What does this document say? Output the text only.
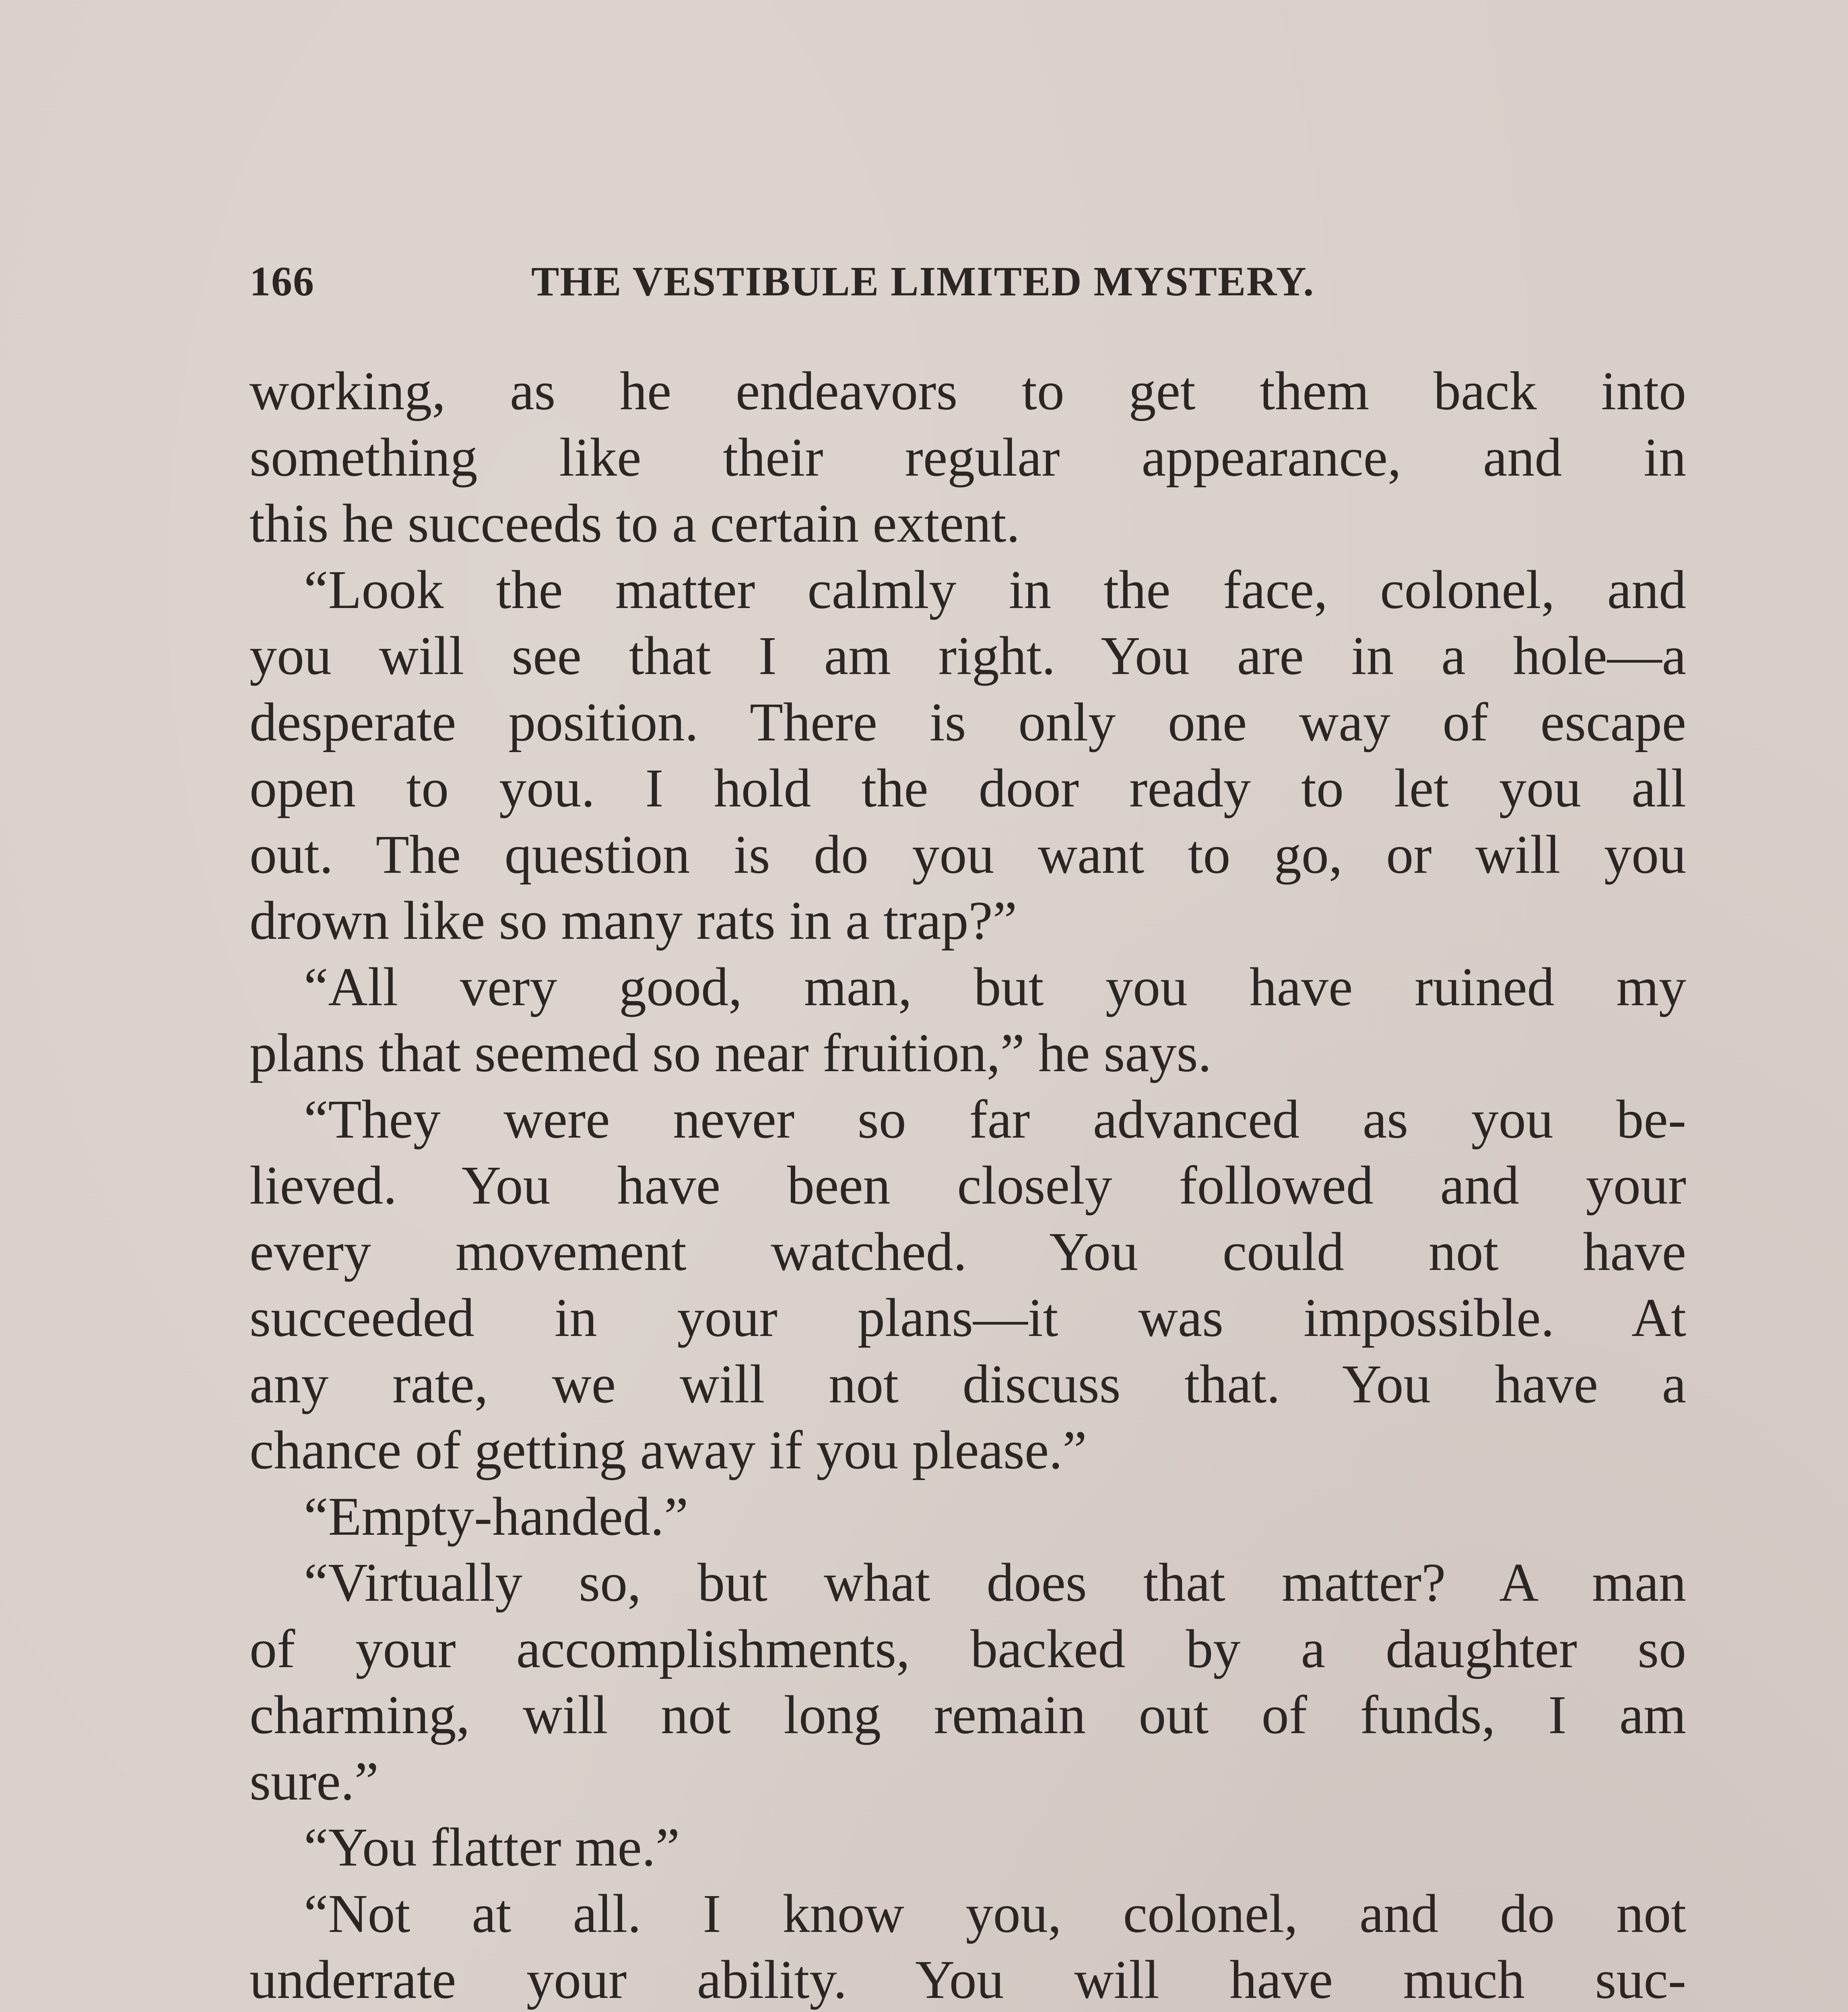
166	THE VESTIBULE LIMITED MYSTERY.
working, as he endeavors to get them back into
something like their regular appearance, and in
this he succeeds to a certain extent.
“Look the matter calmly in the face, colonel, and
you will see that I am right. You are in a hole—a
desperate position. There is only one way of escape
open to you. I hold the door ready to let you all
out. The question is do you want to go, or will you
drown like so many rats in a trap?”
“All very good, man, but you have ruined my
plans that seemed so near fruition,” he says.
“They were never so far advanced as you be-
lieved. You have been closely followed and your
every movement watched. You could not have
succeeded in your plans—it was impossible. At
any rate, we will not discuss that. You have a
chance of getting away if you please.”
“Empty-handed.”
“Virtually so, but what does that matter? A man
of your accomplishments, backed by a daughter so
charming, will not long remain out of funds, I am
sure.”
“You flatter me.”
“Not at all. I know you, colonel, and do not
underrate your ability. You will have much suc-
